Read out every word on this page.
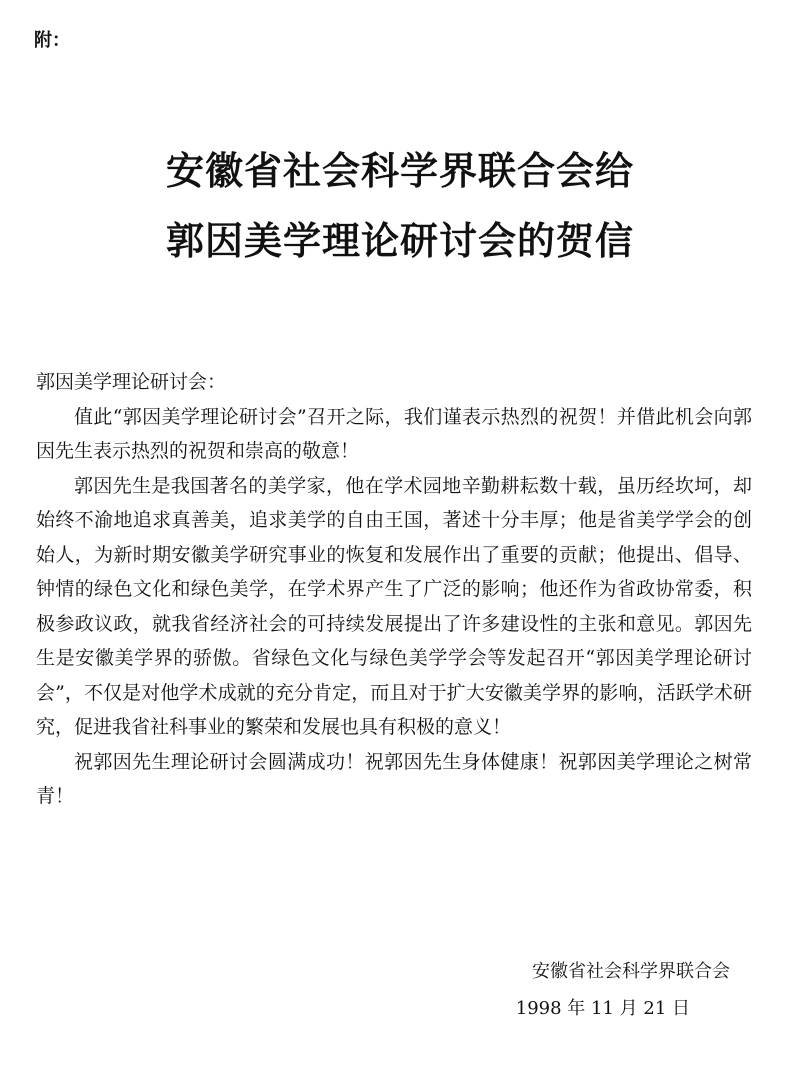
附：
安徽省社会科学界联合会给
郭因美学理论研讨会的贺信

郭因美学理论研讨会：

值此“郭因美学理论研讨会”召开之际，我们谨表示热烈的祝贺！并借此机会向郭因先生表示热烈的祝贺和崇高的敬意！

郭因先生是我国著名的美学家，他在学术园地辛勤耕耘数十载，虽历经坎坷，却始终不渝地追求真善美，追求美学的自由王国，著述十分丰厚；他是省美学学会的创始人，为新时期安徽美学研究事业的恢复和发展作出了重要的贡献；他提出、倡导、钟情的绿色文化和绿色美学，在学术界产生了广泛的影响；他还作为省政协常委，积极参政议政，就我省经济社会的可持续发展提出了许多建设性的主张和意见。郭因先生是安徽美学界的骄傲。省绿色文化与绿色美学学会等发起召开“郭因美学理论研讨会”，不仅是对他学术成就的充分肯定，而且对于扩大安徽美学界的影响，活跃学术研究，促进我省社科事业的繁荣和发展也具有积极的意义！

祝郭因先生理论研讨会圆满成功！祝郭因先生身体健康！祝郭因美学理论之树常青！

安徽省社会科学界联合会
1998 年 11 月 21 日
